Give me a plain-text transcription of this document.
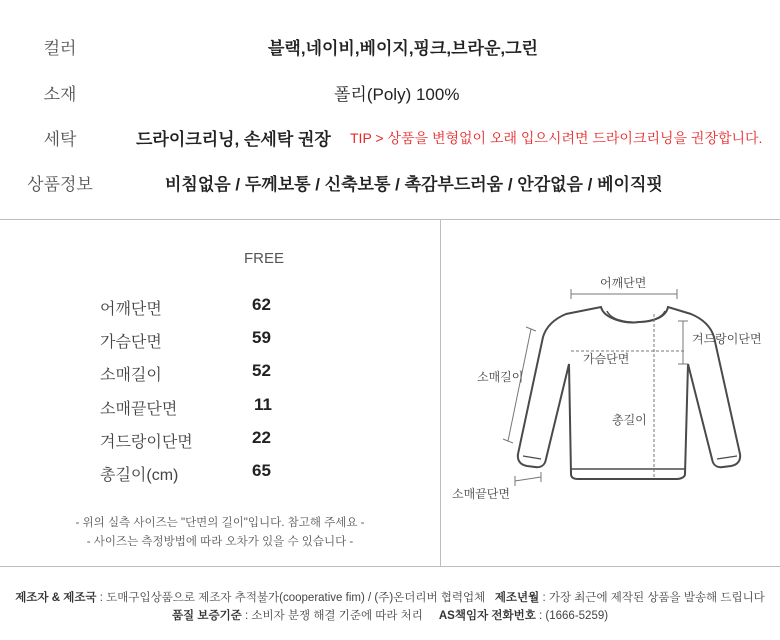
컬러	블랙,네이비,베이지,핑크,브라운,그린
소재	폴리(Poly) 100%
세탁	드라이크리닝, 손세탁 권장 TIP > 상품을 변형없이 오래 입으시려면 드라이크리닝을 권장합니다.
상품정보	비침없음 / 두께보통 / 신축보통 / 촉감부드러움 / 안감없음 / 베이직핏
FREE
어깨단면	62
가슴단면	59
소매길이	52
소매끝단면	11
겨드랑이단면	22
총길이(cm)	65
- 위의 실측 사이즈는 "단면의 길이"입니다. 참고해 주세요 -
- 사이즈는 측정방법에 따라 오차가 있을 수 있습니다 -
어깨단면
겨드랑이단면
가슴단면
소매길이
총길이
소매끝단면
제조자 & 제조국 : 도매구입상품으로 제조자 추적불가(cooperative fim) / (주)온더리버 협력업체 제조년월 : 가장 최근에 제작된 상품을 발송해 드립니다
품질 보증기준 : 소비자 분쟁 해결 기준에 따라 처리 AS책임자 전화번호 : (1666-5259)
